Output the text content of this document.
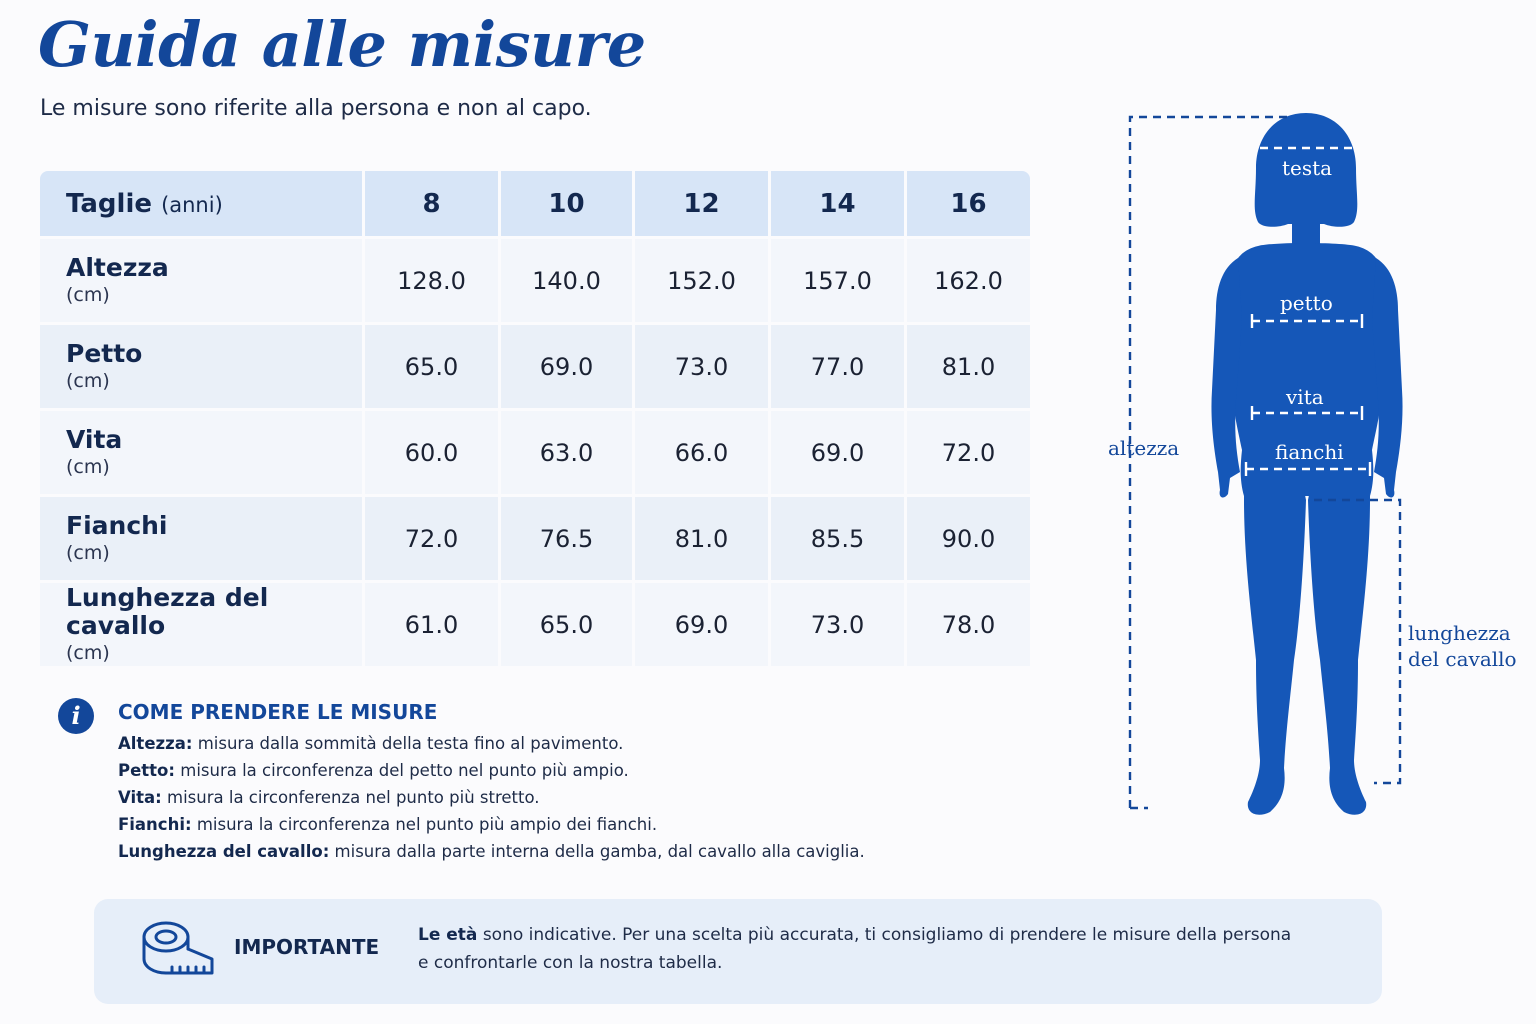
Guida alle misure

Le misure sono riferite alla persona e non al capo.

Taglie (anni)	8	10	12	14	16

Altezza
(cm)	128.0	140.0	152.0	157.0	162.0

Petto
(cm)	65.0	69.0	73.0	77.0	81.0

Vita
(cm)	60.0	63.0	66.0	69.0	72.0

Fianchi
(cm)	72.0	76.5	81.0	85.5	90.0

Lunghezza del cavallo
(cm)	61.0	65.0	69.0	73.0	78.0
i	COME PRENDERE LE MISURE
Altezza: misura dalla sommità della testa fino al pavimento.
Petto: misura la circonferenza del petto nel punto più ampio.
Vita: misura la circonferenza nel punto più stretto.
Fianchi: misura la circonferenza nel punto più ampio dei fianchi.
Lunghezza del cavallo: misura dalla parte interna della gamba, dal cavallo alla caviglia.
IMPORTANTE Le età sono indicative. Per una scelta più accurata, ti consigliamo di prendere le misure della persona
e confrontarle con la nostra tabella.
testa
petto
vita
fianchi
altezza
lunghezza
del cavallo
